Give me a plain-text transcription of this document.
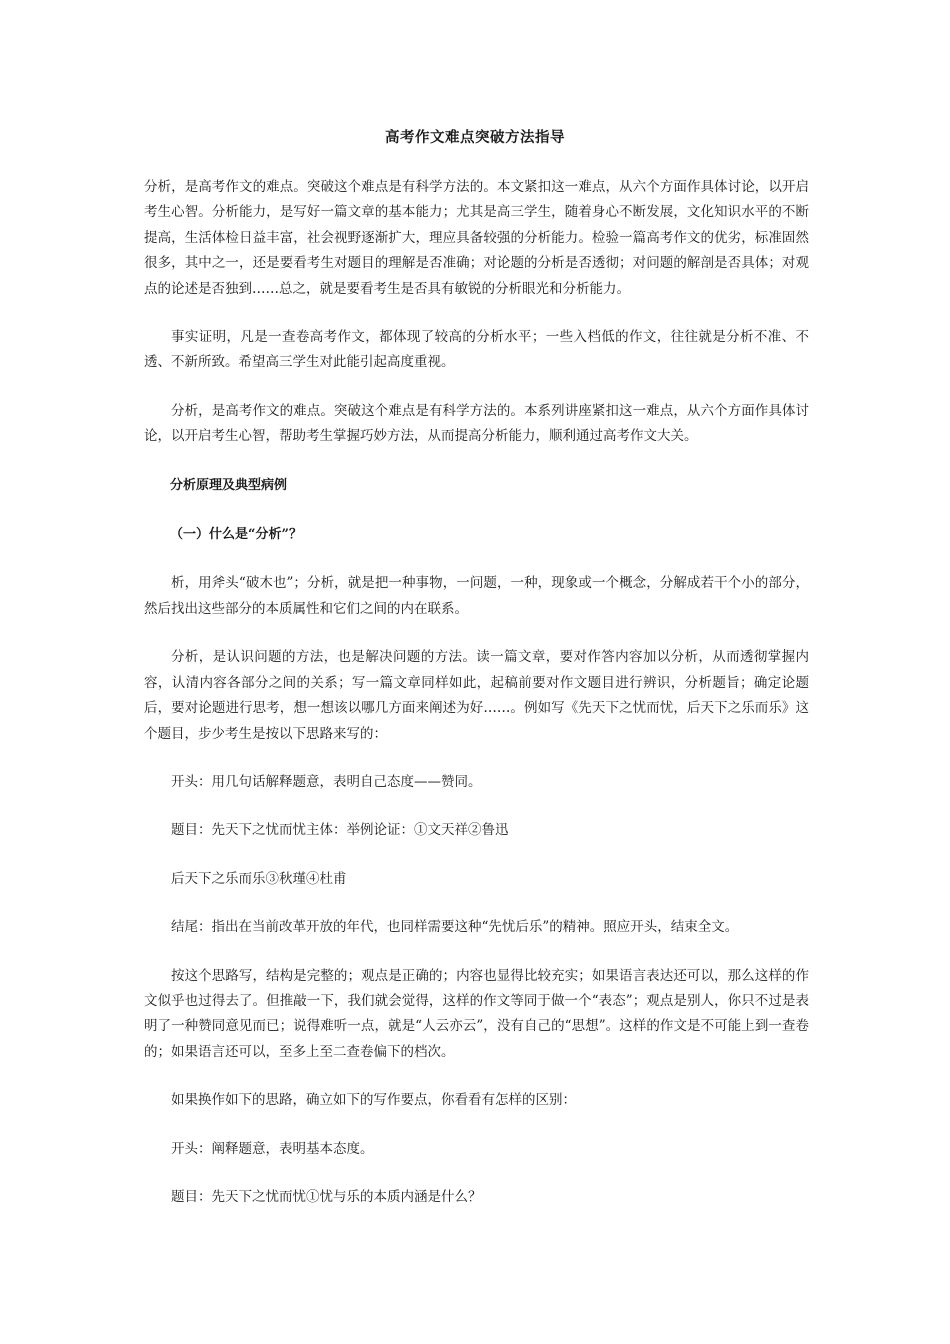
高考作文难点突破方法指导

分析，是高考作文的难点。突破这个难点是有科学方法的。本文紧扣这一难点，从六个方面作具体讨论，以开启考生心智。分析能力，是写好一篇文章的基本能力；尤其是高三学生，随着身心不断发展，文化知识水平的不断提高，生活体检日益丰富，社会视野逐渐扩大，理应具备较强的分析能力。检验一篇高考作文的优劣，标准固然很多，其中之一，还是要看考生对题目的理解是否准确；对论题的分析是否透彻；对问题的解剖是否具体；对观点的论述是否独到……总之，就是要看考生是否具有敏锐的分析眼光和分析能力。

事实证明，凡是一查卷高考作文，都体现了较高的分析水平；一些入档低的作文，往往就是分析不准、不透、不新所致。希望高三学生对此能引起高度重视。

分析，是高考作文的难点。突破这个难点是有科学方法的。本系列讲座紧扣这一难点，从六个方面作具体讨论，以开启考生心智，帮助考生掌握巧妙方法，从而提高分析能力，顺利通过高考作文大关。

分析原理及典型病例

（一）什么是“分析”？

析，用斧头“破木也”；分析，就是把一种事物，一问题，一种，现象或一个概念，分解成若干个小的部分，然后找出这些部分的本质属性和它们之间的内在联系。

分析，是认识问题的方法，也是解决问题的方法。读一篇文章，要对作答内容加以分析，从而透彻掌握内容，认清内容各部分之间的关系；写一篇文章同样如此，起稿前要对作文题目进行辨识，分析题旨；确定论题后，要对论题进行思考，想一想该以哪几方面来阐述为好……。例如写《先天下之忧而忧，后天下之乐而乐》这个题目，步少考生是按以下思路来写的：

开头：用几句话解释题意，表明自己态度——赞同。

题目：先天下之忧而忧主体：举例论证：①文天祥②鲁迅

后天下之乐而乐③秋瑾④杜甫

结尾：指出在当前改革开放的年代，也同样需要这种“先忧后乐”的精神。照应开头，结束全文。

按这个思路写，结构是完整的；观点是正确的；内容也显得比较充实；如果语言表达还可以，那么这样的作文似乎也过得去了。但推敲一下，我们就会觉得，这样的作文等同于做一个“表态”；观点是别人，你只不过是表明了一种赞同意见而已；说得难听一点，就是“人云亦云”，没有自己的“思想”。这样的作文是不可能上到一查卷的；如果语言还可以，至多上至二查卷偏下的档次。

如果换作如下的思路，确立如下的写作要点，你看看有怎样的区别：

开头：阐释题意，表明基本态度。

题目：先天下之忧而忧①忧与乐的本质内涵是什么？
